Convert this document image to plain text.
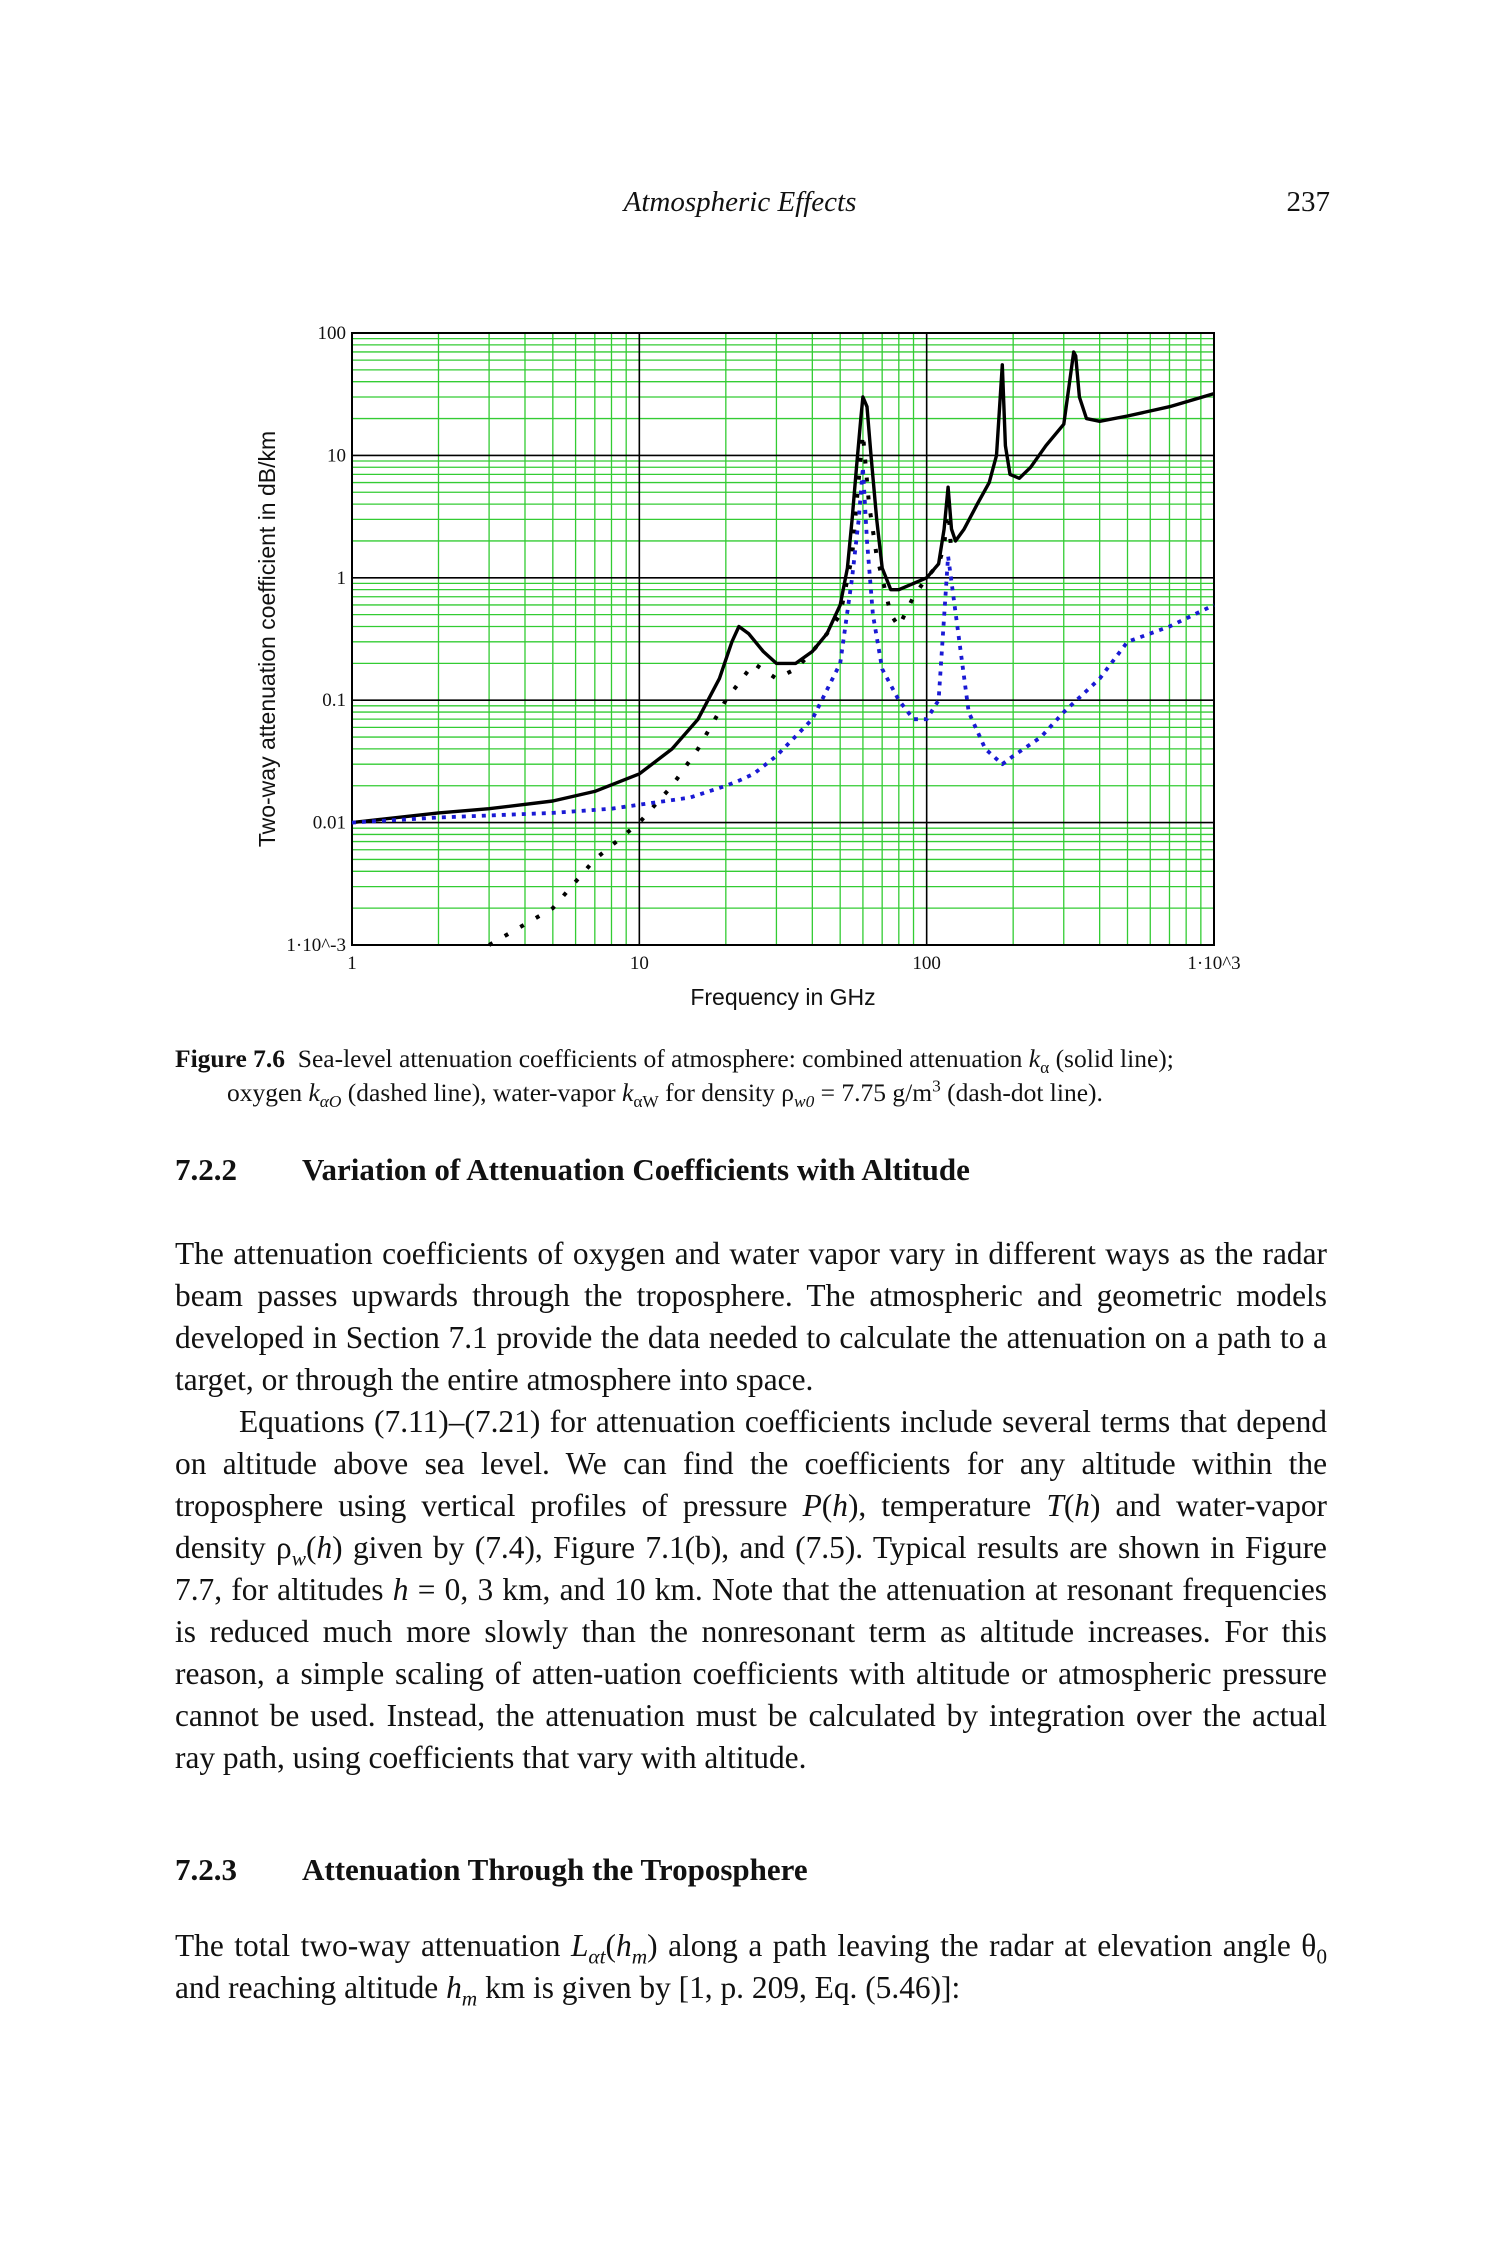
Atmospheric Effects	237
100
10
1
0.1
0.01
1·10^-3
1	10	100	1·10^3
Frequency in GHz
Two-way attenuation coefficient in dB/km
Figure 7.6 Sea-level attenuation coefficients of atmosphere: combined attenuation $k_\alpha$ (solid line);
oxygen $k_{\alpha O}$ (dashed line), water-vapor $k_{\alpha W}$ for density $\rho_{w0} = 7.75$ $g/m^3$ (dash-dot line).
7.2.2 Variation of Attenuation Coefficients with Altitude

The attenuation coefficients of oxygen and water vapor vary in different ways as the radar beam passes upwards through the troposphere. The atmospheric and geometric models developed in Section 7.1 provide the data needed to calculate the attenuation on a path to a target, or through the entire atmosphere into space.

Equations (7.11)–(7.21) for attenuation coefficients include several terms that depend on altitude above sea level. We can find the coefficients for any altitude within the troposphere using vertical profiles of pressure P(h), temperature T(h) and water-vapor density $\rho_w(h)$ given by (7.4), Figure 7.1(b), and (7.5). Typical results are shown in Figure 7.7, for altitudes h = 0, 3 km, and 10 km. Note that the attenuation at resonant frequencies is reduced much more slowly than the nonresonant term as altitude increases. For this reason, a simple scaling of atten-uation coefficients with altitude or atmospheric pressure cannot be used. Instead, the attenuation must be calculated by integration over the actual ray path, using coefficients that vary with altitude.

7.2.3 Attenuation Through the Troposphere

The total two-way attenuation $L_{\alpha t}(h_m)$ along a path leaving the radar at elevation angle $\theta_0$ and reaching altitude $h_m$ km is given by [1, p. 209, Eq. (5.46)]:
